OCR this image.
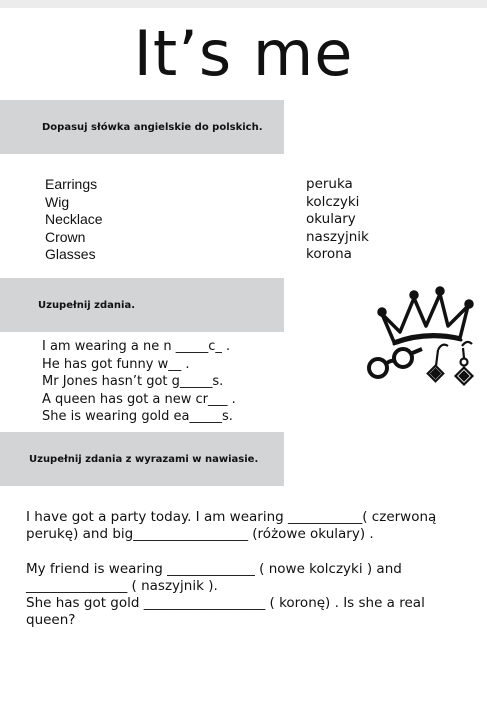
It’s me
Dopasuj słówka angielskie do polskich.
Earrings
Wig
Necklace
Crown
Glasses
peruka
kolczyki
okulary
naszyjnik
korona
Uzupełnij zdania.
I am wearing a ne n _____c_ .
He has got funny w__ .
Mr Jones hasn’t got g_____s.
A queen has got a new cr___ .
She is wearing gold ea_____s.
Uzupełnij zdania z wyrazami w nawiasie.
I have got a party today. I am wearing ___________( czerwoną
perukę) and big_________________ (różowe okulary) .
My friend is wearing _____________ ( nowe kolczyki ) and
_______________ ( naszyjnik ).
She has got gold __________________ ( koronę) . Is she a real
queen?
